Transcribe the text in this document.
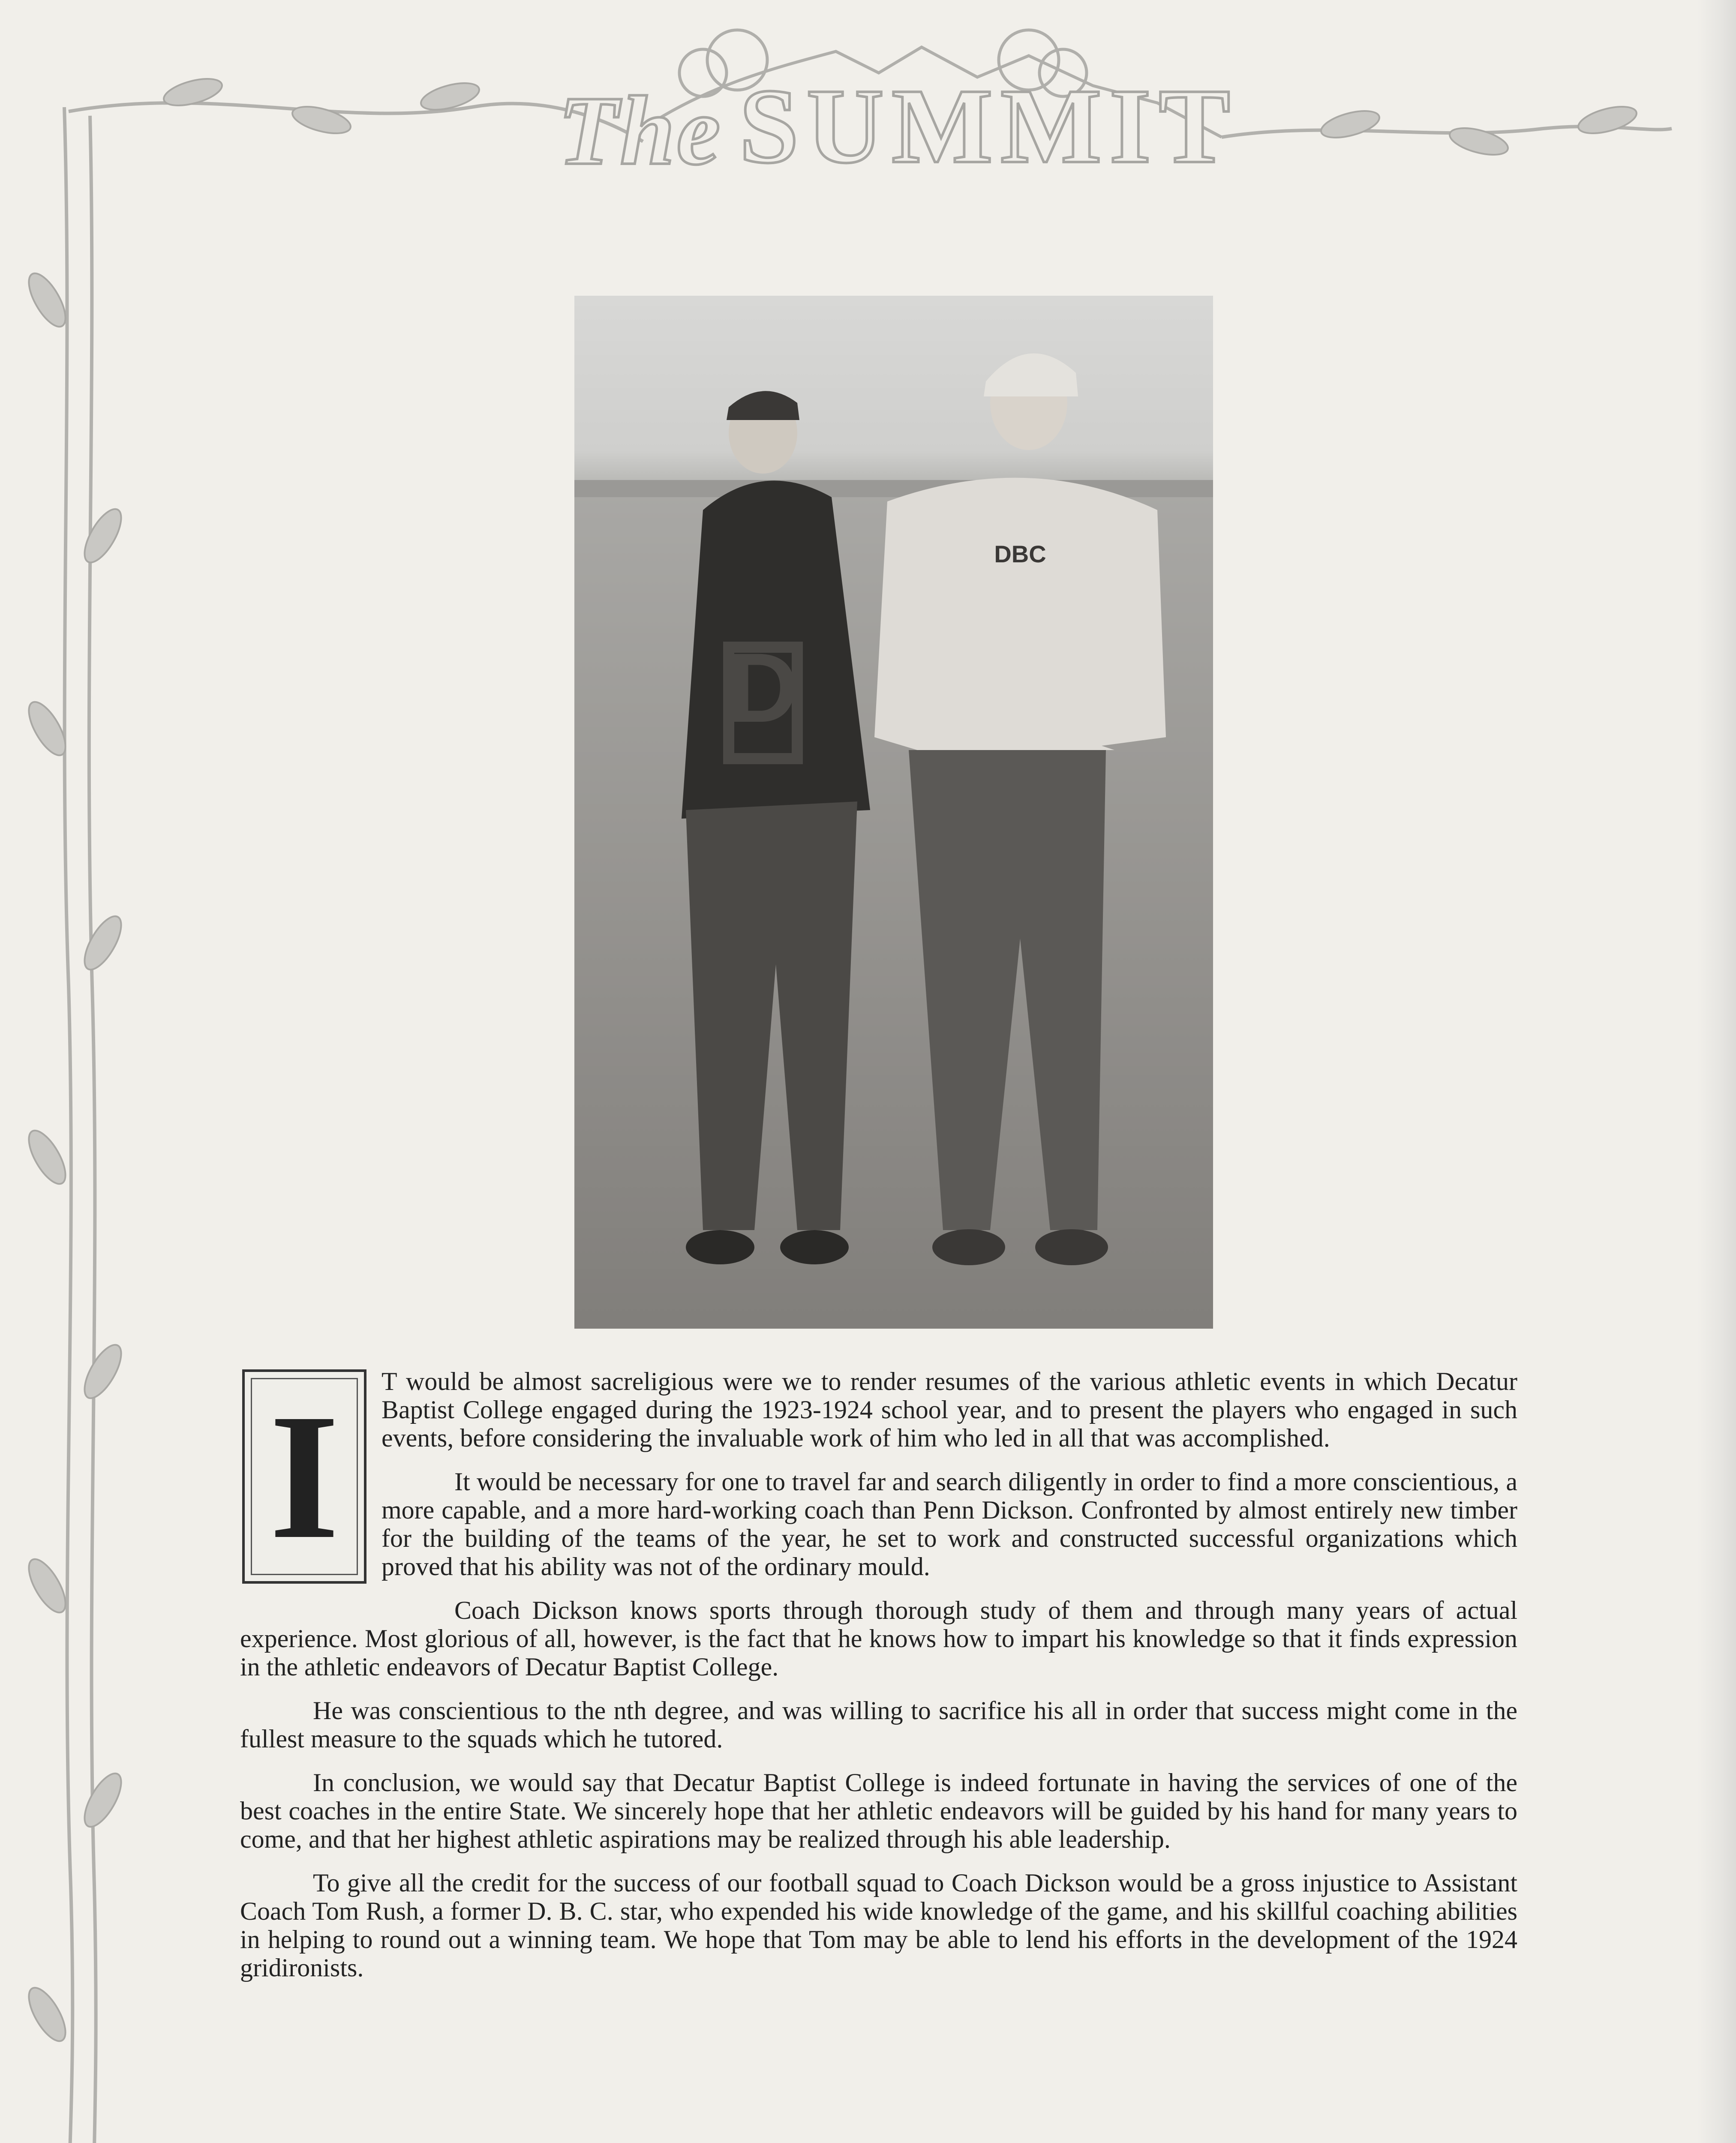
The SUMMIT
D
DBC
I	T would be almost sacreligious were we to render resumes of the various athletic events in which Decatur Baptist College engaged during the 1923-1924 school year, and to present the players who engaged in such events, before considering the invaluable work of him who led in all that was accomplished.

It would be necessary for one to travel far and search diligently in order to find a more conscientious, a more capable, and a more hard-working coach than Penn Dickson. Confronted by almost entirely new timber for the building of the teams of the year, he set to work and constructed successful organizations which proved that his ability was not of the ordinary mould.

Coach Dickson knows sports through thorough study of them and through many years of actual experience. Most glorious of all, however, is the fact that he knows how to impart his knowledge so that it finds expression in the athletic endeavors of Decatur Baptist College.

He was conscientious to the nth degree, and was willing to sacrifice his all in order that success might come in the fullest measure to the squads which he tutored.

In conclusion, we would say that Decatur Baptist College is indeed fortunate in having the services of one of the best coaches in the entire State. We sincerely hope that her athletic endeavors will be guided by his hand for many years to come, and that her highest athletic aspirations may be realized through his able leadership.

To give all the credit for the success of our football squad to Coach Dickson would be a gross injustice to Assistant Coach Tom Rush, a former D. B. C. star, who expended his wide knowledge of the game, and his skillful coaching abilities in helping to round out a winning team. We hope that Tom may be able to lend his efforts in the development of the 1924 gridironists.
